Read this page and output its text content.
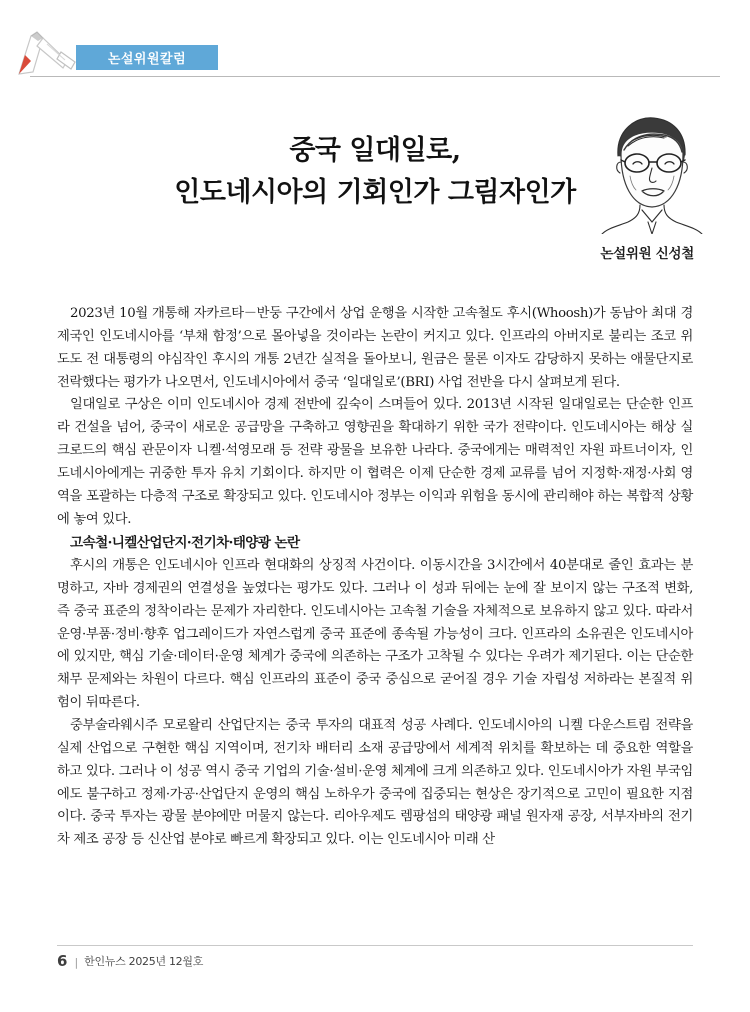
논설위원칼럼
중국 일대일로,
인도네시아의 기회인가 그림자인가
논설위원 신성철

2023년 10월 개통해 자카르타－반둥 구간에서 상업 운행을 시작한 고속철도 후시(Whoosh)가 동남아 최대 경제국인 인도네시아를 ‘부채 함정’으로 몰아넣을 것이라는 논란이 커지고 있다. 인프라의 아버지로 불리는 조코 위도도 전 대통령의 야심작인 후시의 개통 2년간 실적을 돌아보니, 원금은 물론 이자도 감당하지 못하는 애물단지로 전락했다는 평가가 나오면서, 인도네시아에서 중국 ‘일대일로’(BRI) 사업 전반을 다시 살펴보게 된다.

일대일로 구상은 이미 인도네시아 경제 전반에 깊숙이 스며들어 있다. 2013년 시작된 일대일로는 단순한 인프라 건설을 넘어, 중국이 새로운 공급망을 구축하고 영향권을 확대하기 위한 국가 전략이다. 인도네시아는 해상 실크로드의 핵심 관문이자 니켈·석영모래 등 전략 광물을 보유한 나라다. 중국에게는 매력적인 자원 파트너이자, 인도네시아에게는 귀중한 투자 유치 기회이다. 하지만 이 협력은 이제 단순한 경제 교류를 넘어 지정학·재정·사회 영역을 포괄하는 다층적 구조로 확장되고 있다. 인도네시아 정부는 이익과 위험을 동시에 관리해야 하는 복합적 상황에 놓여 있다.

고속철·니켈산업단지·전기차·태양광 논란

후시의 개통은 인도네시아 인프라 현대화의 상징적 사건이다. 이동시간을 3시간에서 40분대로 줄인 효과는 분명하고, 자바 경제권의 연결성을 높였다는 평가도 있다. 그러나 이 성과 뒤에는 눈에 잘 보이지 않는 구조적 변화, 즉 중국 표준의 정착이라는 문제가 자리한다. 인도네시아는 고속철 기술을 자체적으로 보유하지 않고 있다. 따라서 운영·부품·정비·향후 업그레이드가 자연스럽게 중국 표준에 종속될 가능성이 크다. 인프라의 소유권은 인도네시아에 있지만, 핵심 기술·데이터·운영 체계가 중국에 의존하는 구조가 고착될 수 있다는 우려가 제기된다. 이는 단순한 채무 문제와는 차원이 다르다. 핵심 인프라의 표준이 중국 중심으로 굳어질 경우 기술 자립성 저하라는 본질적 위험이 뒤따른다.

중부술라웨시주 모로왈리 산업단지는 중국 투자의 대표적 성공 사례다. 인도네시아의 니켈 다운스트림 전략을 실제 산업으로 구현한 핵심 지역이며, 전기차 배터리 소재 공급망에서 세계적 위치를 확보하는 데 중요한 역할을 하고 있다. 그러나 이 성공 역시 중국 기업의 기술·설비·운영 체계에 크게 의존하고 있다. 인도네시아가 자원 부국임에도 불구하고 정제·가공·산업단지 운영의 핵심 노하우가 중국에 집중되는 현상은 장기적으로 고민이 필요한 지점이다. 중국 투자는 광물 분야에만 머물지 않는다. 리아우제도 렘팡섬의 태양광 패널 원자재 공장, 서부자바의 전기차 제조 공장 등 신산업 분야로 빠르게 확장되고 있다. 이는 인도네시아 미래 산

6 | 한인뉴스 2025년 12월호
